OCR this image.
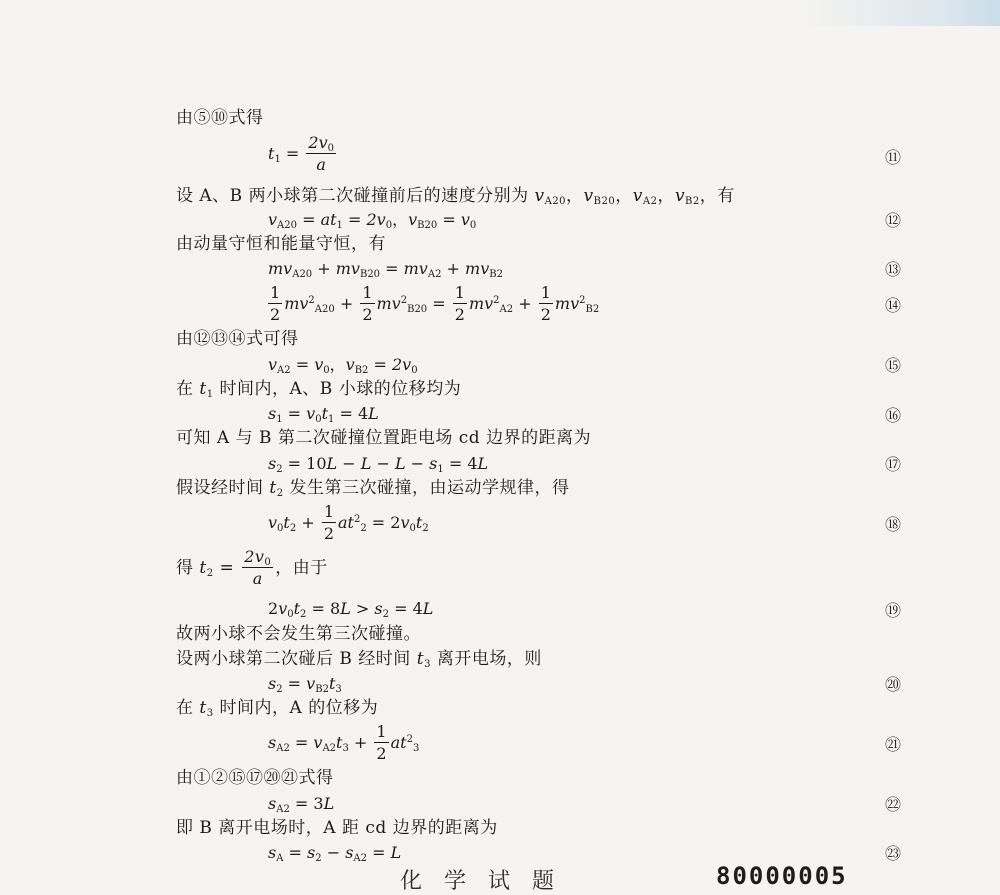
由⑤⑩式得
$t_1 = \frac{2v_0}{a}$	⑪
设 A、B 两小球第二次碰撞前后的速度分别为 $v_{A20}$，$v_{B20}$，$v_{A2}$，$v_{B2}$，有
$v_{A20} = at_1 = 2v_0$，$v_{B20} = v_0$	⑫
由动量守恒和能量守恒，有
$mv_{A20} + mv_{B20} = mv_{A2} + mv_{B2}$	⑬
$\frac{1}{2} mv^2_{A20} + \frac{1}{2} mv^2_{B20} = \frac{1}{2} mv^2_{A2} + \frac{1}{2} mv^2_{B2}$	⑭
由⑫⑬⑭式可得
$v_{A2} = v_0$，$v_{B2} = 2v_0$	⑮
在 $t_1$ 时间内，A、B 小球的位移均为
$s_1 = v_0t_1 = 4L$	⑯
可知 A 与 B 第二次碰撞位置距电场 cd 边界的距离为
$s_2 = 10L - L - L - s_1 = 4L$	⑰
假设经时间 $t_2$ 发生第三次碰撞，由运动学规律，得
$v_0t_2 + \frac{1}{2} at^2_2 = 2v_0t_2$	⑱
得 $t_2 = \frac{2v_0}{a}$ ，由于
$2v_0t_2 = 8L > s_2 = 4L$	⑲
故两小球不会发生第三次碰撞。
设两小球第二次碰后 B 经时间 $t_3$ 离开电场，则
$s_2 = v_{B2}t_3$	⑳
在 $t_3$ 时间内，A 的位移为
$s_{A2} = v_{A2}t_3 + \frac{1}{2} at^2_3$	㉑
由①②⑮⑰⑳㉑式得
$s_{A2} = 3L$	㉒
即 B 离开电场时，A 距 cd 边界的距离为
$s_A = s_2 - s_{A2} = L$	㉓
化学试题	80000005
